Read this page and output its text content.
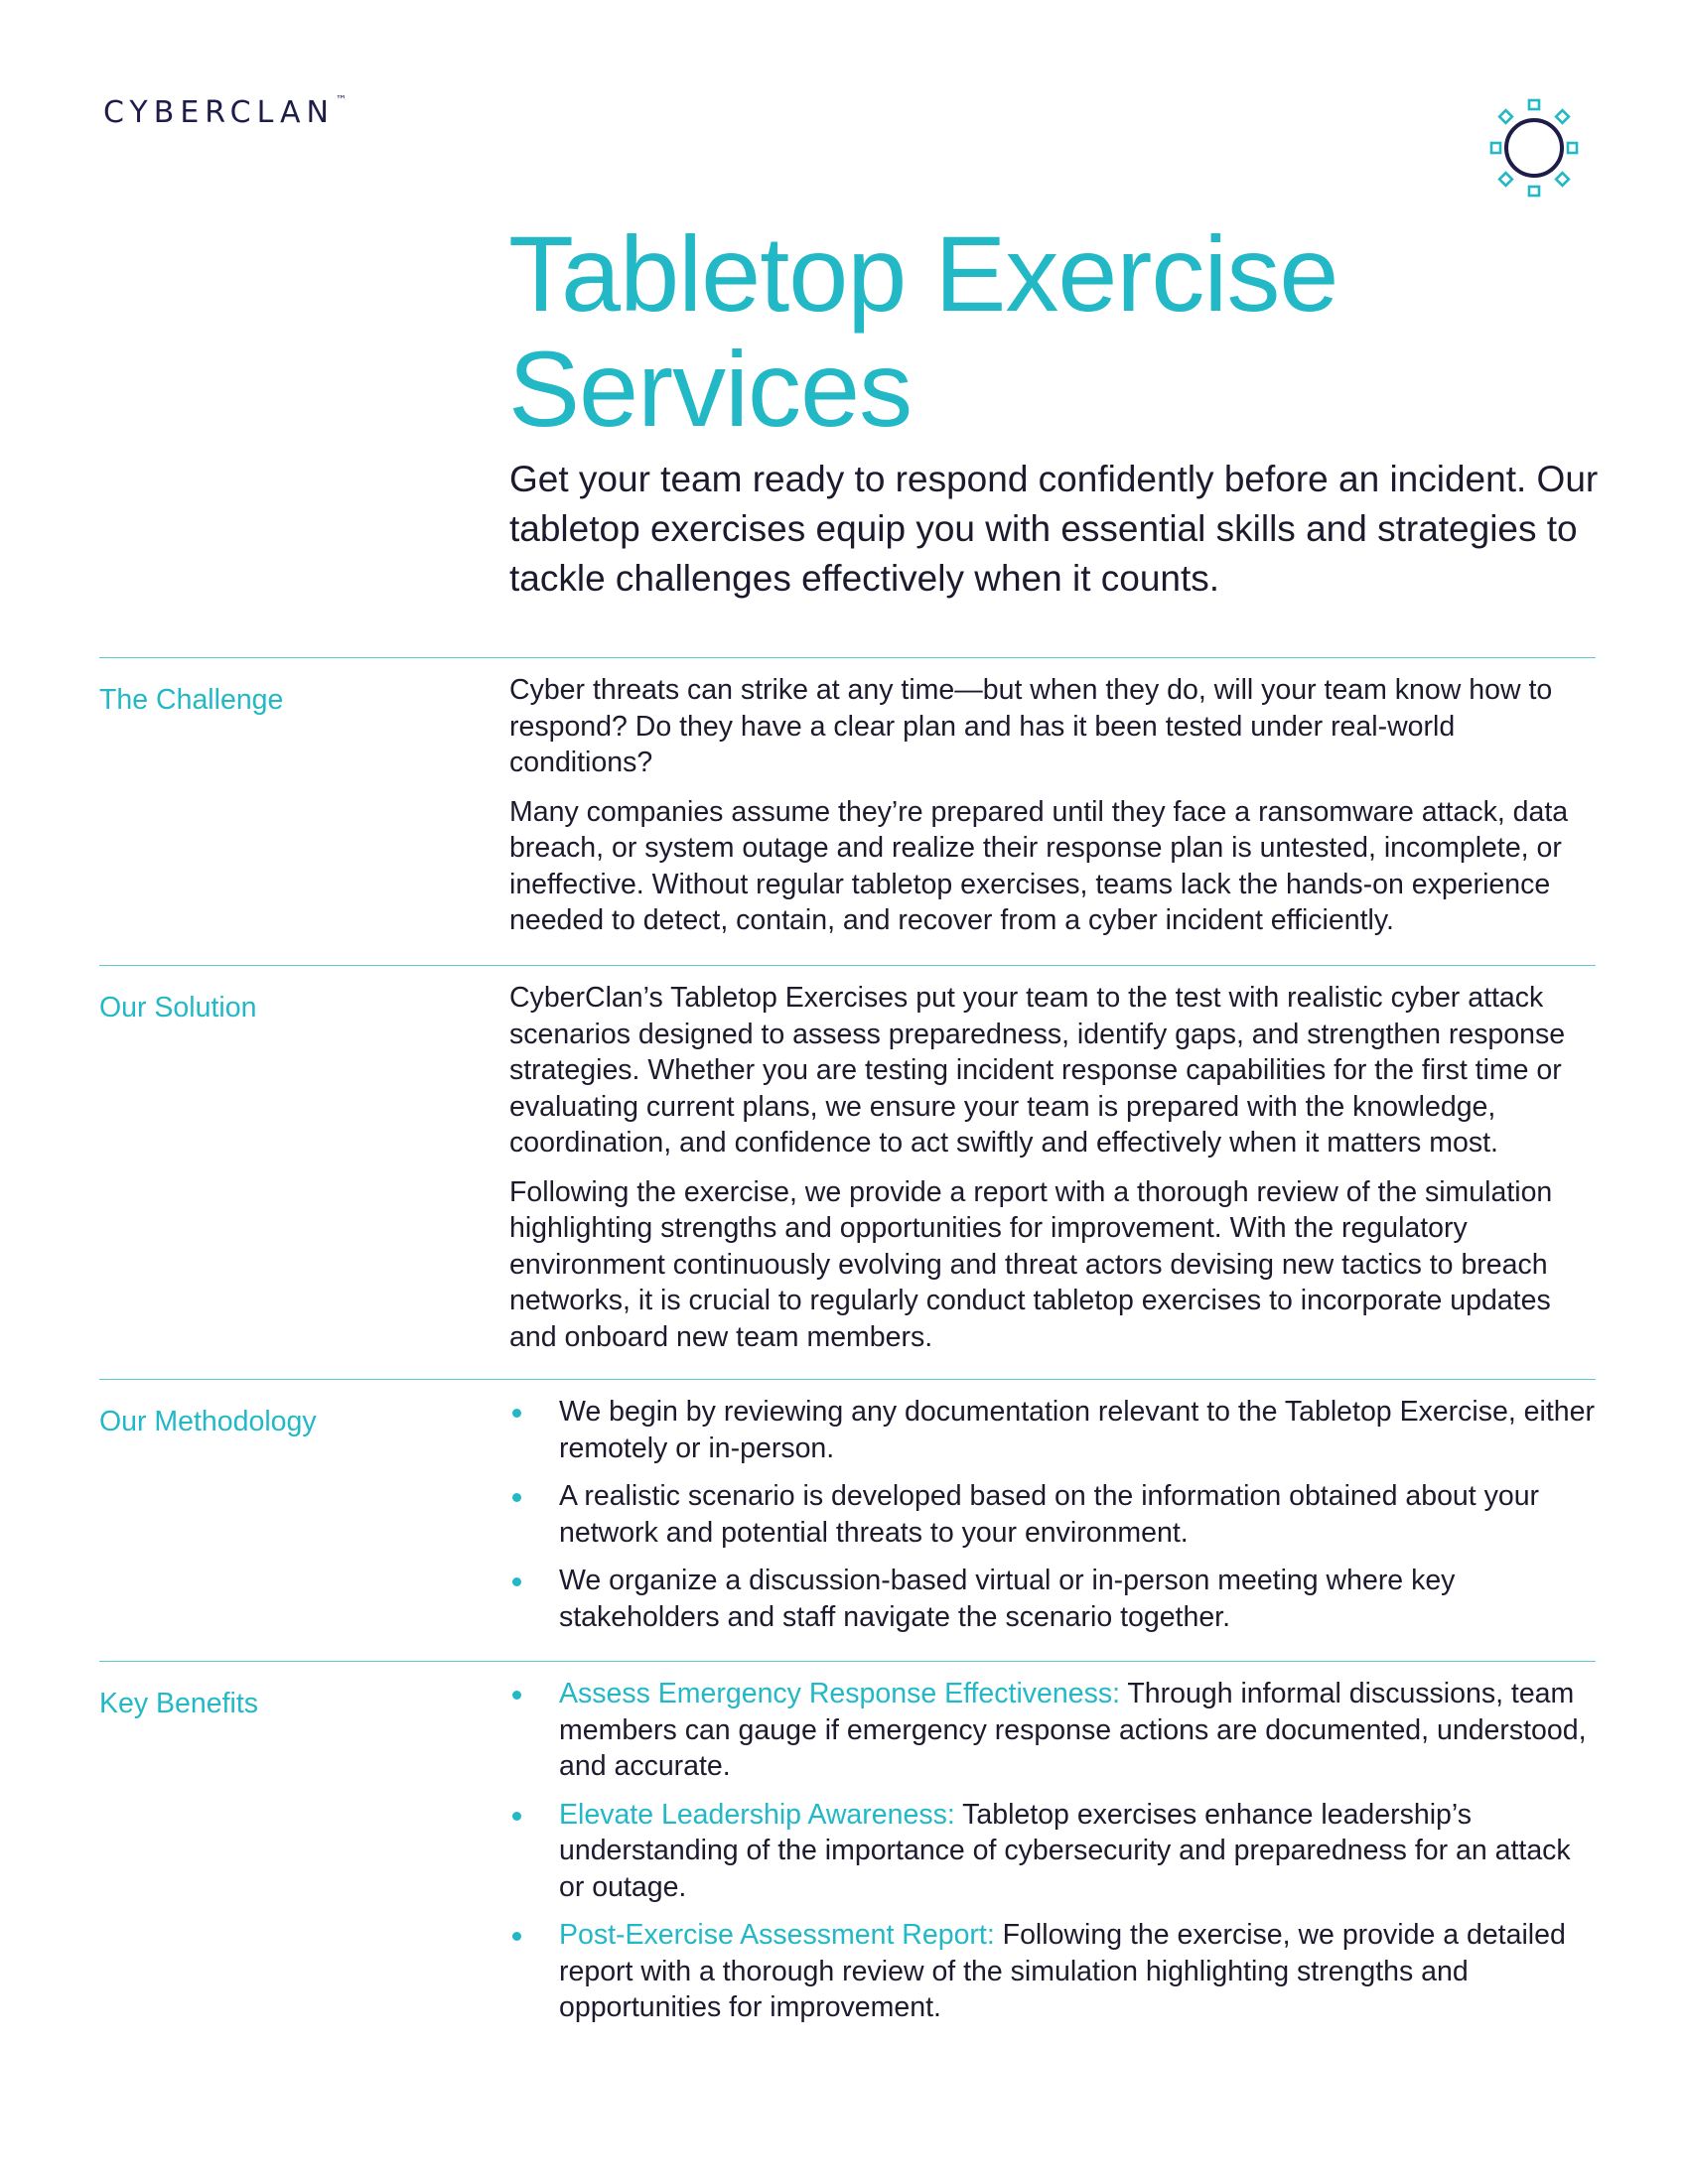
CYBERCLAN™
Tabletop Exercise
Services

Get your team ready to respond confidently before an incident. Our tabletop exercises equip you with essential skills and strategies to tackle challenges effectively when it counts.

The Challenge	Cyber threats can strike at any time—but when they do, will your team know how to respond? Do they have a clear plan and has it been tested under real-world conditions?

Many companies assume they’re prepared until they face a ransomware attack, data breach, or system outage and realize their response plan is untested, incomplete, or ineffective. Without regular tabletop exercises, teams lack the hands-on experience needed to detect, contain, and recover from a cyber incident efficiently.

Our Solution	CyberClan’s Tabletop Exercises put your team to the test with realistic cyber attack scenarios designed to assess preparedness, identify gaps, and strengthen response strategies. Whether you are testing incident response capabilities for the first time or evaluating current plans, we ensure your team is prepared with the knowledge, coordination, and confidence to act swiftly and effectively when it matters most.

Following the exercise, we provide a report with a thorough review of the simulation highlighting strengths and opportunities for improvement. With the regulatory environment continuously evolving and threat actors devising new tactics to breach networks, it is crucial to regularly conduct tabletop exercises to incorporate updates and onboard new team members.

Our Methodology	We begin by reviewing any documentation relevant to the Tabletop Exercise, either remotely or in-person.
A realistic scenario is developed based on the information obtained about your network and potential threats to your environment.
We organize a discussion-based virtual or in-person meeting where key stakeholders and staff navigate the scenario together.
Key Benefits	Assess Emergency Response Effectiveness: Through informal discussions, team members can gauge if emergency response actions are documented, understood, and accurate.
Elevate Leadership Awareness: Tabletop exercises enhance leadership’s understanding of the importance of cybersecurity and preparedness for an attack or outage.
Post-Exercise Assessment Report: Following the exercise, we provide a detailed report with a thorough review of the simulation highlighting strengths and opportunities for improvement.
